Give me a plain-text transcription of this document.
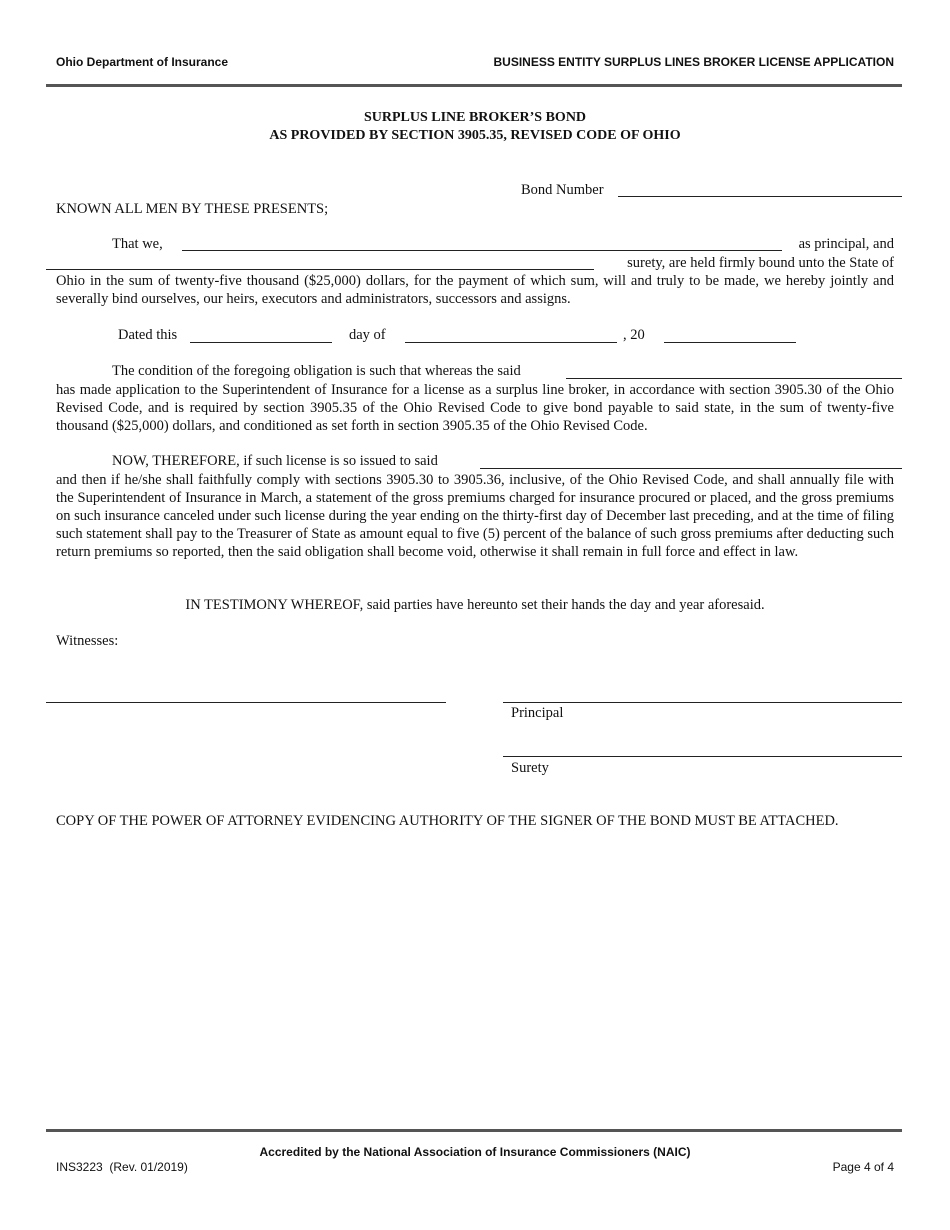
Ohio Department of Insurance	BUSINESS ENTITY SURPLUS LINES BROKER LICENSE APPLICATION
SURPLUS LINE BROKER’S BOND
AS PROVIDED BY SECTION 3905.35, REVISED CODE OF OHIO
Bond Number
KNOWN ALL MEN BY THESE PRESENTS;
That we,	as principal, and
surety, are held firmly bound unto the State of
Ohio in the sum of twenty-five thousand ($25,000) dollars, for the payment of which sum, will and truly to be made, we hereby jointly and severally bind ourselves, our heirs, executors and administrators, successors and assigns.
Dated this	day of	, 20
The condition of the foregoing obligation is such that whereas the said
has made application to the Superintendent of Insurance for a license as a surplus line broker, in accordance with section 3905.30 of the Ohio Revised Code, and is required by section 3905.35 of the Ohio Revised Code to give bond payable to said state, in the sum of twenty-five thousand ($25,000) dollars, and conditioned as set forth in section 3905.35 of the Ohio Revised Code.
NOW, THEREFORE, if such license is so issued to said
and then if he/she shall faithfully comply with sections 3905.30 to 3905.36, inclusive, of the Ohio Revised Code, and shall annually file with the Superintendent of Insurance in March, a statement of the gross premiums charged for insurance procured or placed, and the gross premiums on such insurance canceled under such license during the year ending on the thirty-first day of December last preceding, and at the time of filing such statement shall pay to the Treasurer of State as amount equal to five (5) percent of the balance of such gross premiums after deducting such return premiums so reported, then the said obligation shall become void, otherwise it shall remain in full force and effect in law.
IN TESTIMONY WHEREOF, said parties have hereunto set their hands the day and year aforesaid.
Witnesses:
Principal
Surety
COPY OF THE POWER OF ATTORNEY EVIDENCING AUTHORITY OF THE SIGNER OF THE BOND MUST BE ATTACHED.
Accredited by the National Association of Insurance Commissioners (NAIC)
INS3223  (Rev. 01/2019)	Page 4 of 4
